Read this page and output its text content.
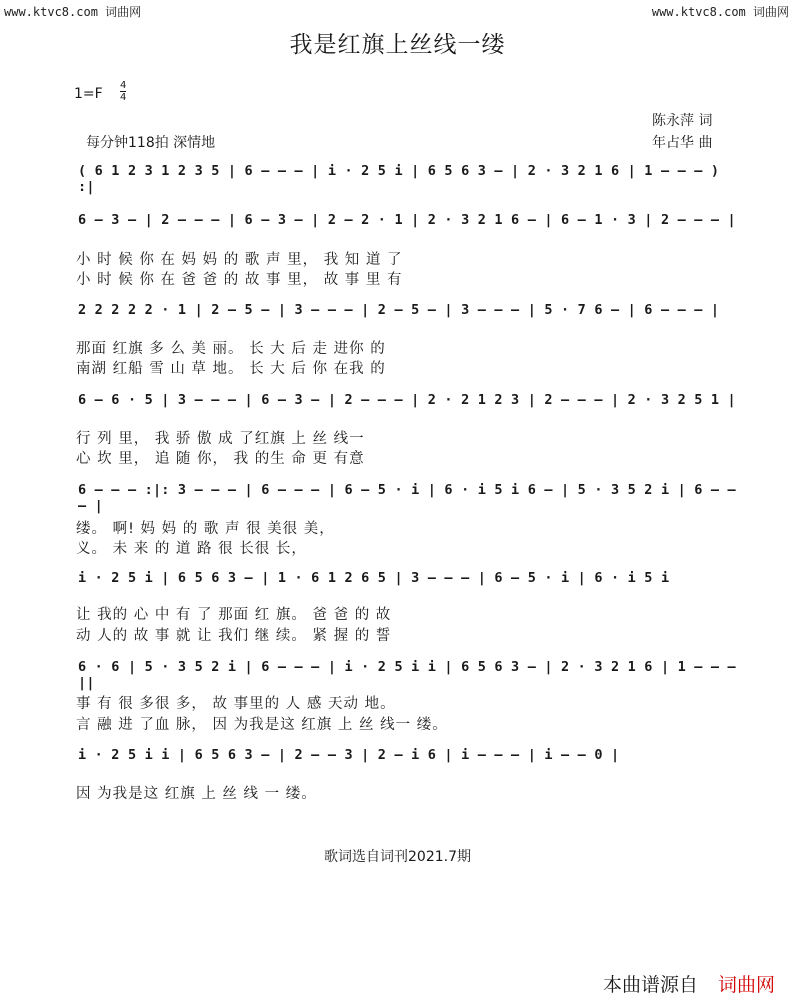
www.ktvc8.com 词曲网	www.ktvc8.com 词曲网
我是红旗上丝线一缕
1=F
4
4
每分钟118拍 深情地
陈永萍 词
年占华 曲
( 6 1 2 3 1 2 3 5 | 6 — — — | i · 2 5 i | 6 5 6 3 — | 2 · 3 2 1 6 | 1 — — — ) :|
6 — 3 — | 2 — — — | 6 — 3 — | 2 — 2 · 1 | 2 · 3 2 1 6 — | 6 — 1 · 3 | 2 — — — |
小 时 候 你 在 妈 妈 的 歌 声 里， 我 知 道 了
小 时 候 你 在 爸 爸 的 故 事 里， 故 事 里 有
2 2 2 2 2 · 1 | 2 — 5 — | 3 — — — | 2 — 5 — | 3 — — — | 5 · 7 6 — | 6 — — — |
那面 红旗 多 么 美 丽。 长 大 后 走 进你 的
南湖 红船 雪 山 草 地。 长 大 后 你 在我 的
6 — 6 · 5 | 3 — — — | 6 — 3 — | 2 — — — | 2 · 2 1 2 3 | 2 — — — | 2 · 3 2 5 1 |
行 列 里， 我 骄 傲 成 了红旗 上 丝 线一
心 坎 里， 追 随 你， 我 的生 命 更 有意
6 — — — :|: 3 — — — | 6 — — — | 6 — 5 · i | 6 · i 5 i 6 — | 5 · 3 5 2 i | 6 — — — |
缕。 啊! 妈 妈 的 歌 声 很 美很 美，
义。 未 来 的 道 路 很 长很 长，
i · 2 5 i | 6 5 6 3 — | 1 · 6 1 2 6 5 | 3 — — — | 6 — 5 · i | 6 · i 5 i
让 我的 心 中 有 了 那面 红 旗。 爸 爸 的 故
动 人的 故 事 就 让 我们 继 续。 紧 握 的 誓
6 · 6 | 5 · 3 5 2 i | 6 — — — | i · 2 5 i i | 6 5 6 3 — | 2 · 3 2 1 6 | 1 — — — ||
事 有 很 多很 多， 故 事里的 人 感 天动 地。
言 融 进 了血 脉， 因 为我是这 红旗 上 丝 线一 缕。
i · 2 5 i i | 6 5 6 3 — | 2 — — 3 | 2 — i 6 | i — — — | i — — 0 |
因 为我是这 红旗 上 丝 线 一 缕。
歌词选自词刊2021.7期

本曲谱源自 词曲网
